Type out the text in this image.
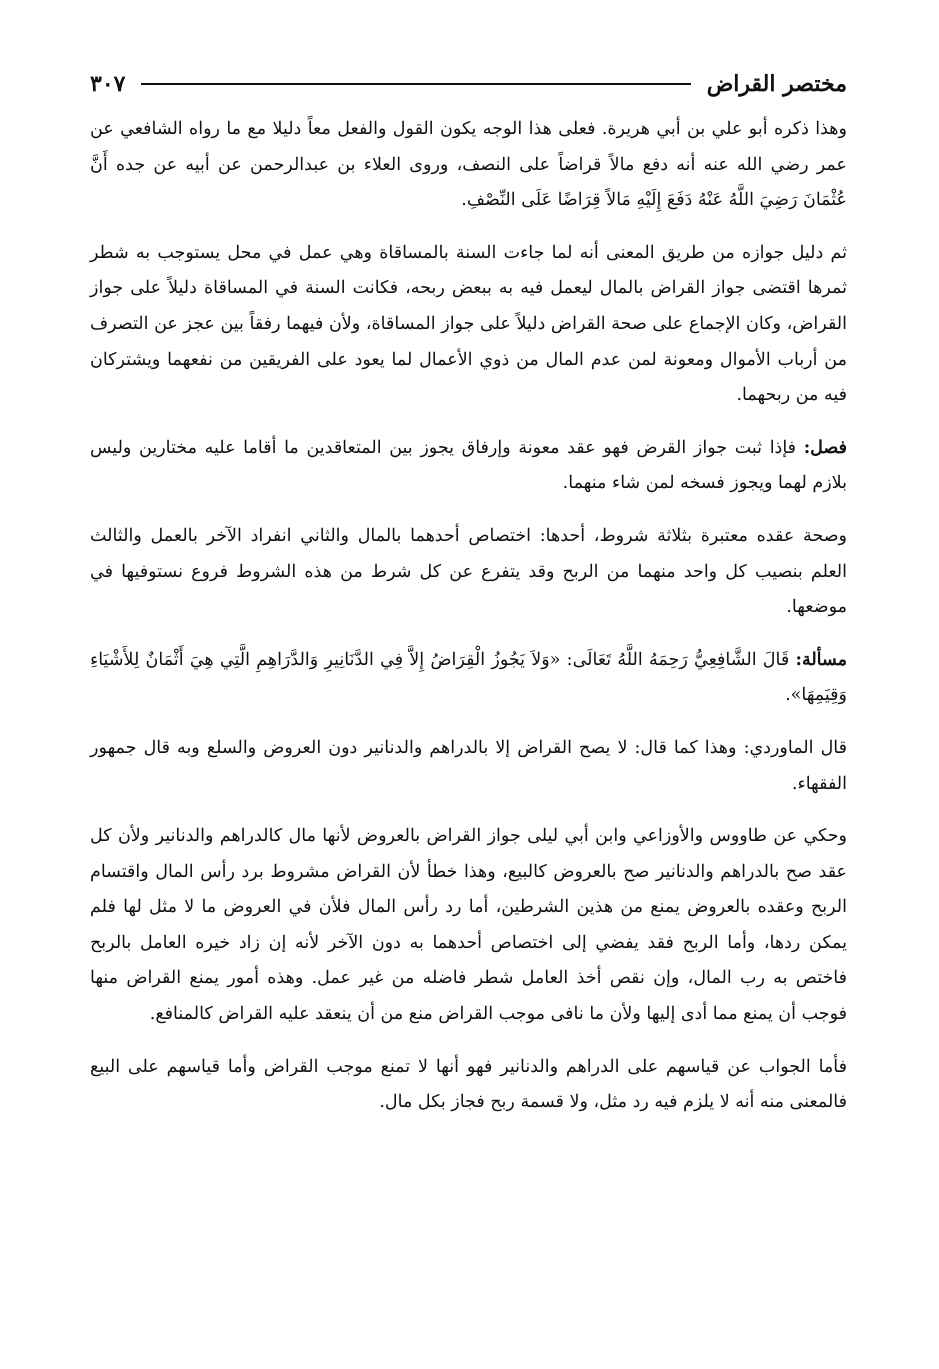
مختصر القراض
٣٠٧

وهذا ذكره أبو علي بن أبي هريرة. فعلى هذا الوجه يكون القول والفعل معاً دليلا مع ما رواه الشافعي عن عمر رضي الله عنه أنه دفع مالاً قراضاً على النصف، وروى العلاء بن عبدالرحمن عن أبيه عن جده أَنَّ عُثْمَانَ رَضِيَ اللَّهُ عَنْهُ دَفَعَ إِلَيْهِ مَالاً قِرَاضًا عَلَى النِّصْفِ.

ثم دليل جوازه من طريق المعنى أنه لما جاءت السنة بالمساقاة وهي عمل في محل يستوجب به شطر ثمرها اقتضى جواز القراض بالمال ليعمل فيه به ببعض ربحه، فكانت السنة في المساقاة دليلاً على جواز القراض، وكان الإجماع على صحة القراض دليلاً على جواز المساقاة، ولأن فيهما رفقاً بين عجز عن التصرف من أرباب الأموال ومعونة لمن عدم المال من ذوي الأعمال لما يعود على الفريقين من نفعهما ويشتركان فيه من ربحهما.

فصل: فإذا ثبت جواز القرض فهو عقد معونة وإرفاق يجوز بين المتعاقدين ما أقاما عليه مختارين وليس بلازم لهما ويجوز فسخه لمن شاء منهما.

وصحة عقده معتبرة بثلاثة شروط، أحدها: اختصاص أحدهما بالمال والثاني انفراد الآخر بالعمل والثالث العلم بنصيب كل واحد منهما من الربح وقد يتفرع عن كل شرط من هذه الشروط فروع نستوفيها في موضعها.

مسألة: قَالَ الشَّافِعِيُّ رَحِمَهُ اللَّهُ تَعَالَى: «وَلاَ يَجُوزُ الْقِرَاضُ إِلاَّ فِي الدَّنَانِيرِ وَالدَّرَاهِمِ الَّتِي هِيَ أَثْمَانٌ لِلأَشْيَاءِ وَقِيَمِهَا».

قال الماوردي: وهذا كما قال: لا يصح القراض إلا بالدراهم والدنانير دون العروض والسلع وبه قال جمهور الفقهاء.

وحكي عن طاووس والأوزاعي وابن أبي ليلى جواز القراض بالعروض لأنها مال كالدراهم والدنانير ولأن كل عقد صح بالدراهم والدنانير صح بالعروض كالبيع، وهذا خطأ لأن القراض مشروط برد رأس المال واقتسام الربح وعقده بالعروض يمنع من هذين الشرطين، أما رد رأس المال فلأن في العروض ما لا مثل لها فلم يمكن ردها، وأما الربح فقد يفضي إلى اختصاص أحدهما به دون الآخر لأنه إن زاد خيره العامل بالربح فاختص به رب المال، وإن نقص أخذ العامل شطر فاضله من غير عمل. وهذه أمور يمنع القراض منها فوجب أن يمنع مما أدى إليها ولأن ما نافى موجب القراض منع من أن ينعقد عليه القراض كالمنافع.

فأما الجواب عن قياسهم على الدراهم والدنانير فهو أنها لا تمنع موجب القراض وأما قياسهم على البيع فالمعنى منه أنه لا يلزم فيه رد مثل، ولا قسمة ربح فجاز بكل مال.
